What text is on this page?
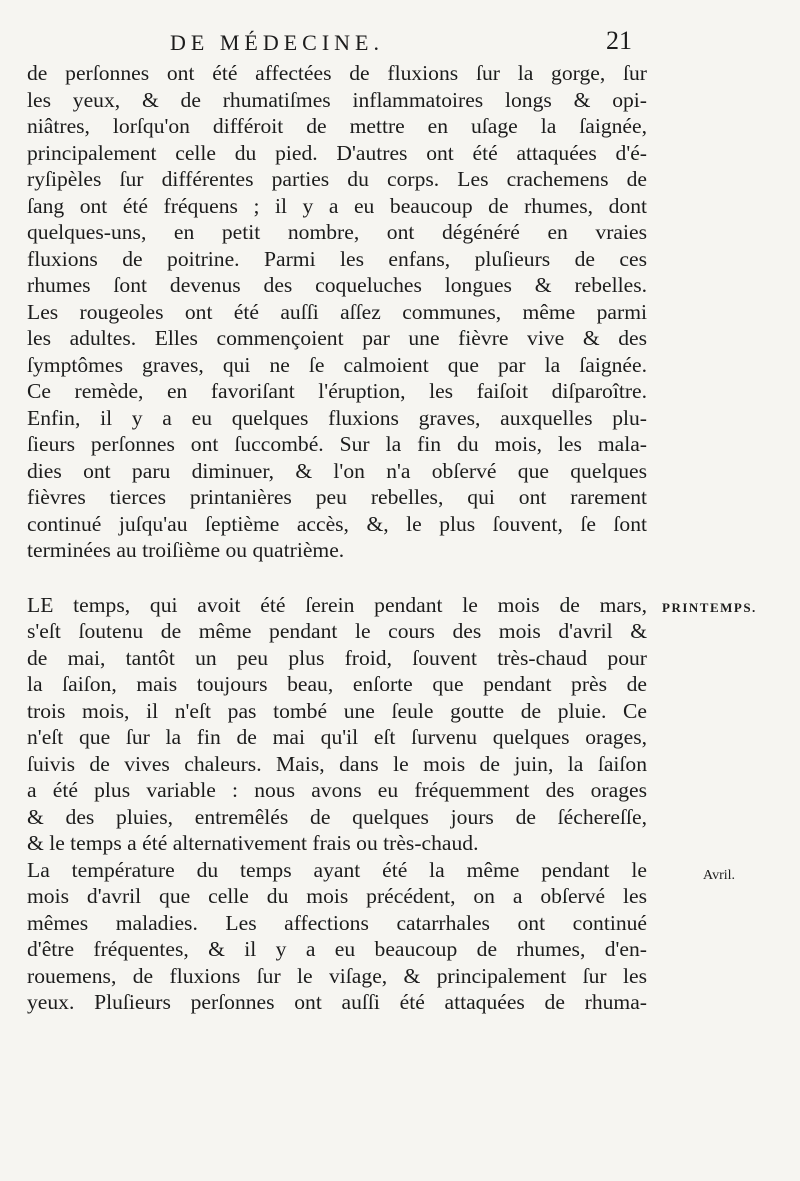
DE MÉDECINE.	21
de perſonnes ont été affectées de fluxions ſur la gorge, ſur
les yeux, & de rhumatiſmes inflammatoires longs & opi-
niâtres, lorſqu'on différoit de mettre en uſage la ſaignée,
principalement celle du pied. D'autres ont été attaquées d'é-
ryſipèles ſur différentes parties du corps. Les crachemens de
ſang ont été fréquens ; il y a eu beaucoup de rhumes, dont
quelques-uns, en petit nombre, ont dégénéré en vraies
fluxions de poitrine. Parmi les enfans, pluſieurs de ces
rhumes ſont devenus des coqueluches longues & rebelles.
Les rougeoles ont été auſſi aſſez communes, même parmi
les adultes. Elles commençoient par une fièvre vive & des
ſymptômes graves, qui ne ſe calmoient que par la ſaignée.
Ce remède, en favoriſant l'éruption, les faiſoit diſparoître.
Enfin, il y a eu quelques fluxions graves, auxquelles plu-
ſieurs perſonnes ont ſuccombé. Sur la fin du mois, les mala-
dies ont paru diminuer, & l'on n'a obſervé que quelques
fièvres tierces printanières peu rebelles, qui ont rarement
continué juſqu'au ſeptième accès, &, le plus ſouvent, ſe ſont
terminées au troiſième ou quatrième.
LE temps, qui avoit été ſerein pendant le mois de mars,
s'eſt ſoutenu de même pendant le cours des mois d'avril &
de mai, tantôt un peu plus froid, ſouvent très-chaud pour
la ſaiſon, mais toujours beau, enſorte que pendant près de
trois mois, il n'eſt pas tombé une ſeule goutte de pluie. Ce
n'eſt que ſur la fin de mai qu'il eſt ſurvenu quelques orages,
ſuivis de vives chaleurs. Mais, dans le mois de juin, la ſaiſon
a été plus variable : nous avons eu fréquemment des orages
& des pluies, entremêlés de quelques jours de ſéchereſſe,
& le temps a été alternativement frais ou très-chaud.
La température du temps ayant été la même pendant le
mois d'avril que celle du mois précédent, on a obſervé les
mêmes maladies. Les affections catarrhales ont continué
d'être fréquentes, & il y a eu beaucoup de rhumes, d'en-
rouemens, de fluxions ſur le viſage, & principalement ſur les
yeux. Pluſieurs perſonnes ont auſſi été attaquées de rhuma-
PRINTEMPS.
Avril.
